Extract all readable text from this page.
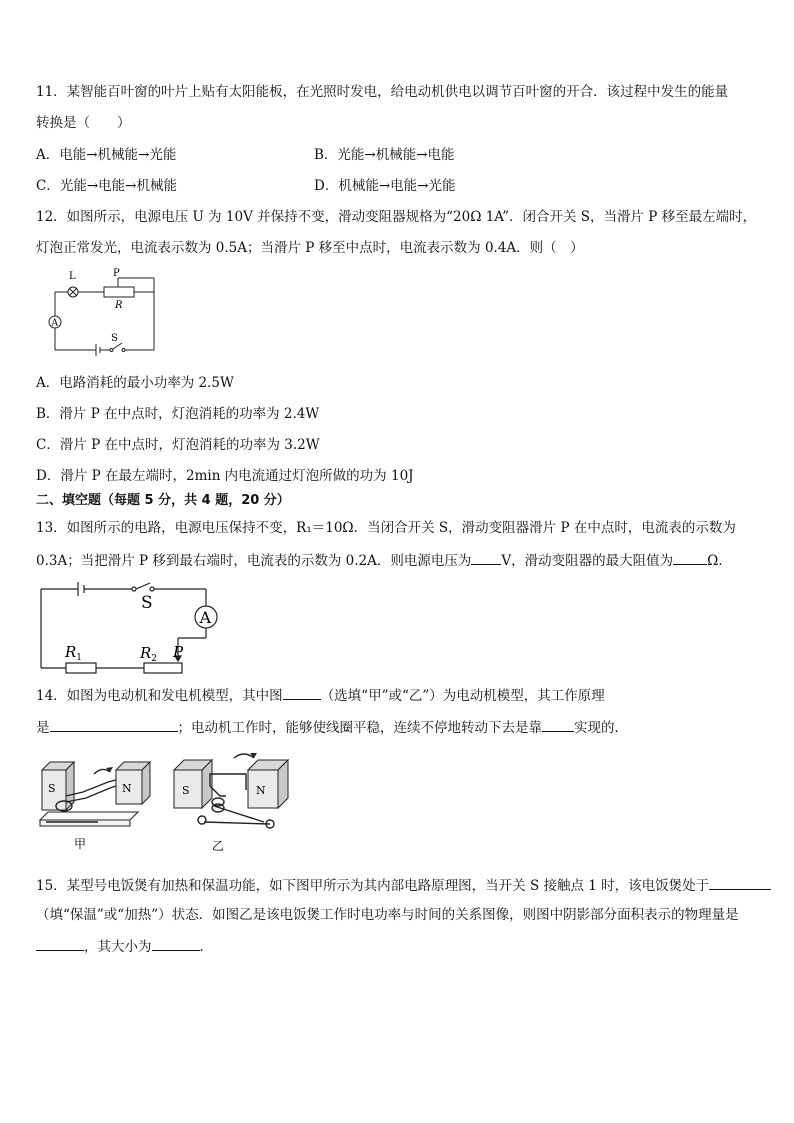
11．某智能百叶窗的叶片上贴有太阳能板，在光照时发电，给电动机供电以调节百叶窗的开合．该过程中发生的能量
转换是（　　）
A．电能→机械能→光能	B．光能→机械能→电能
C．光能→电能→机械能	D．机械能→电能→光能
12．如图所示，电源电压 U 为 10V 并保持不变，滑动变阻器规格为“20Ω 1A”．闭合开关 S，当滑片 P 移至最左端时，
灯泡正常发光，电流表示数为 0.5A；当滑片 P 移至中点时，电流表示数为 0.4A．则（　）
L	P
R
A
S
A．电路消耗的最小功率为 2.5W
B．滑片 P 在中点时，灯泡消耗的功率为 2.4W
C．滑片 P 在中点时，灯泡消耗的功率为 3.2W
D．滑片 P 在最左端时，2min 内电流通过灯泡所做的功为 10J
二、填空题（每题 5 分，共 4 题，20 分）
13．如图所示的电路，电源电压保持不变，R₁＝10Ω．当闭合开关 S，滑动变阻器滑片 P 在中点时，电流表的示数为
0.3A；当把滑片 P 移到最右端时，电流表的示数为 0.2A．则电源电压为 V，滑动变阻器的最大阻值为	Ω．
S
A
$R_1$	$R_2$ P
14．如图为电动机和发电机模型，其中图	（选填“甲”或“乙”）为电动机模型，其工作原理
是	；电动机工作时，能够使线圈平稳，连续不停地转动下去是靠 实现的．
S	N
甲
S	N
乙
15．某型号电饭煲有加热和保温功能，如下图甲所示为其内部电路原理图，当开关 S 接触点 1 时，该电饭煲处于
（填“保温”或“加热”）状态．如图乙是该电饭煲工作时电功率与时间的关系图像，则图中阴影部分面积表示的物理量是
，其大小为	．
